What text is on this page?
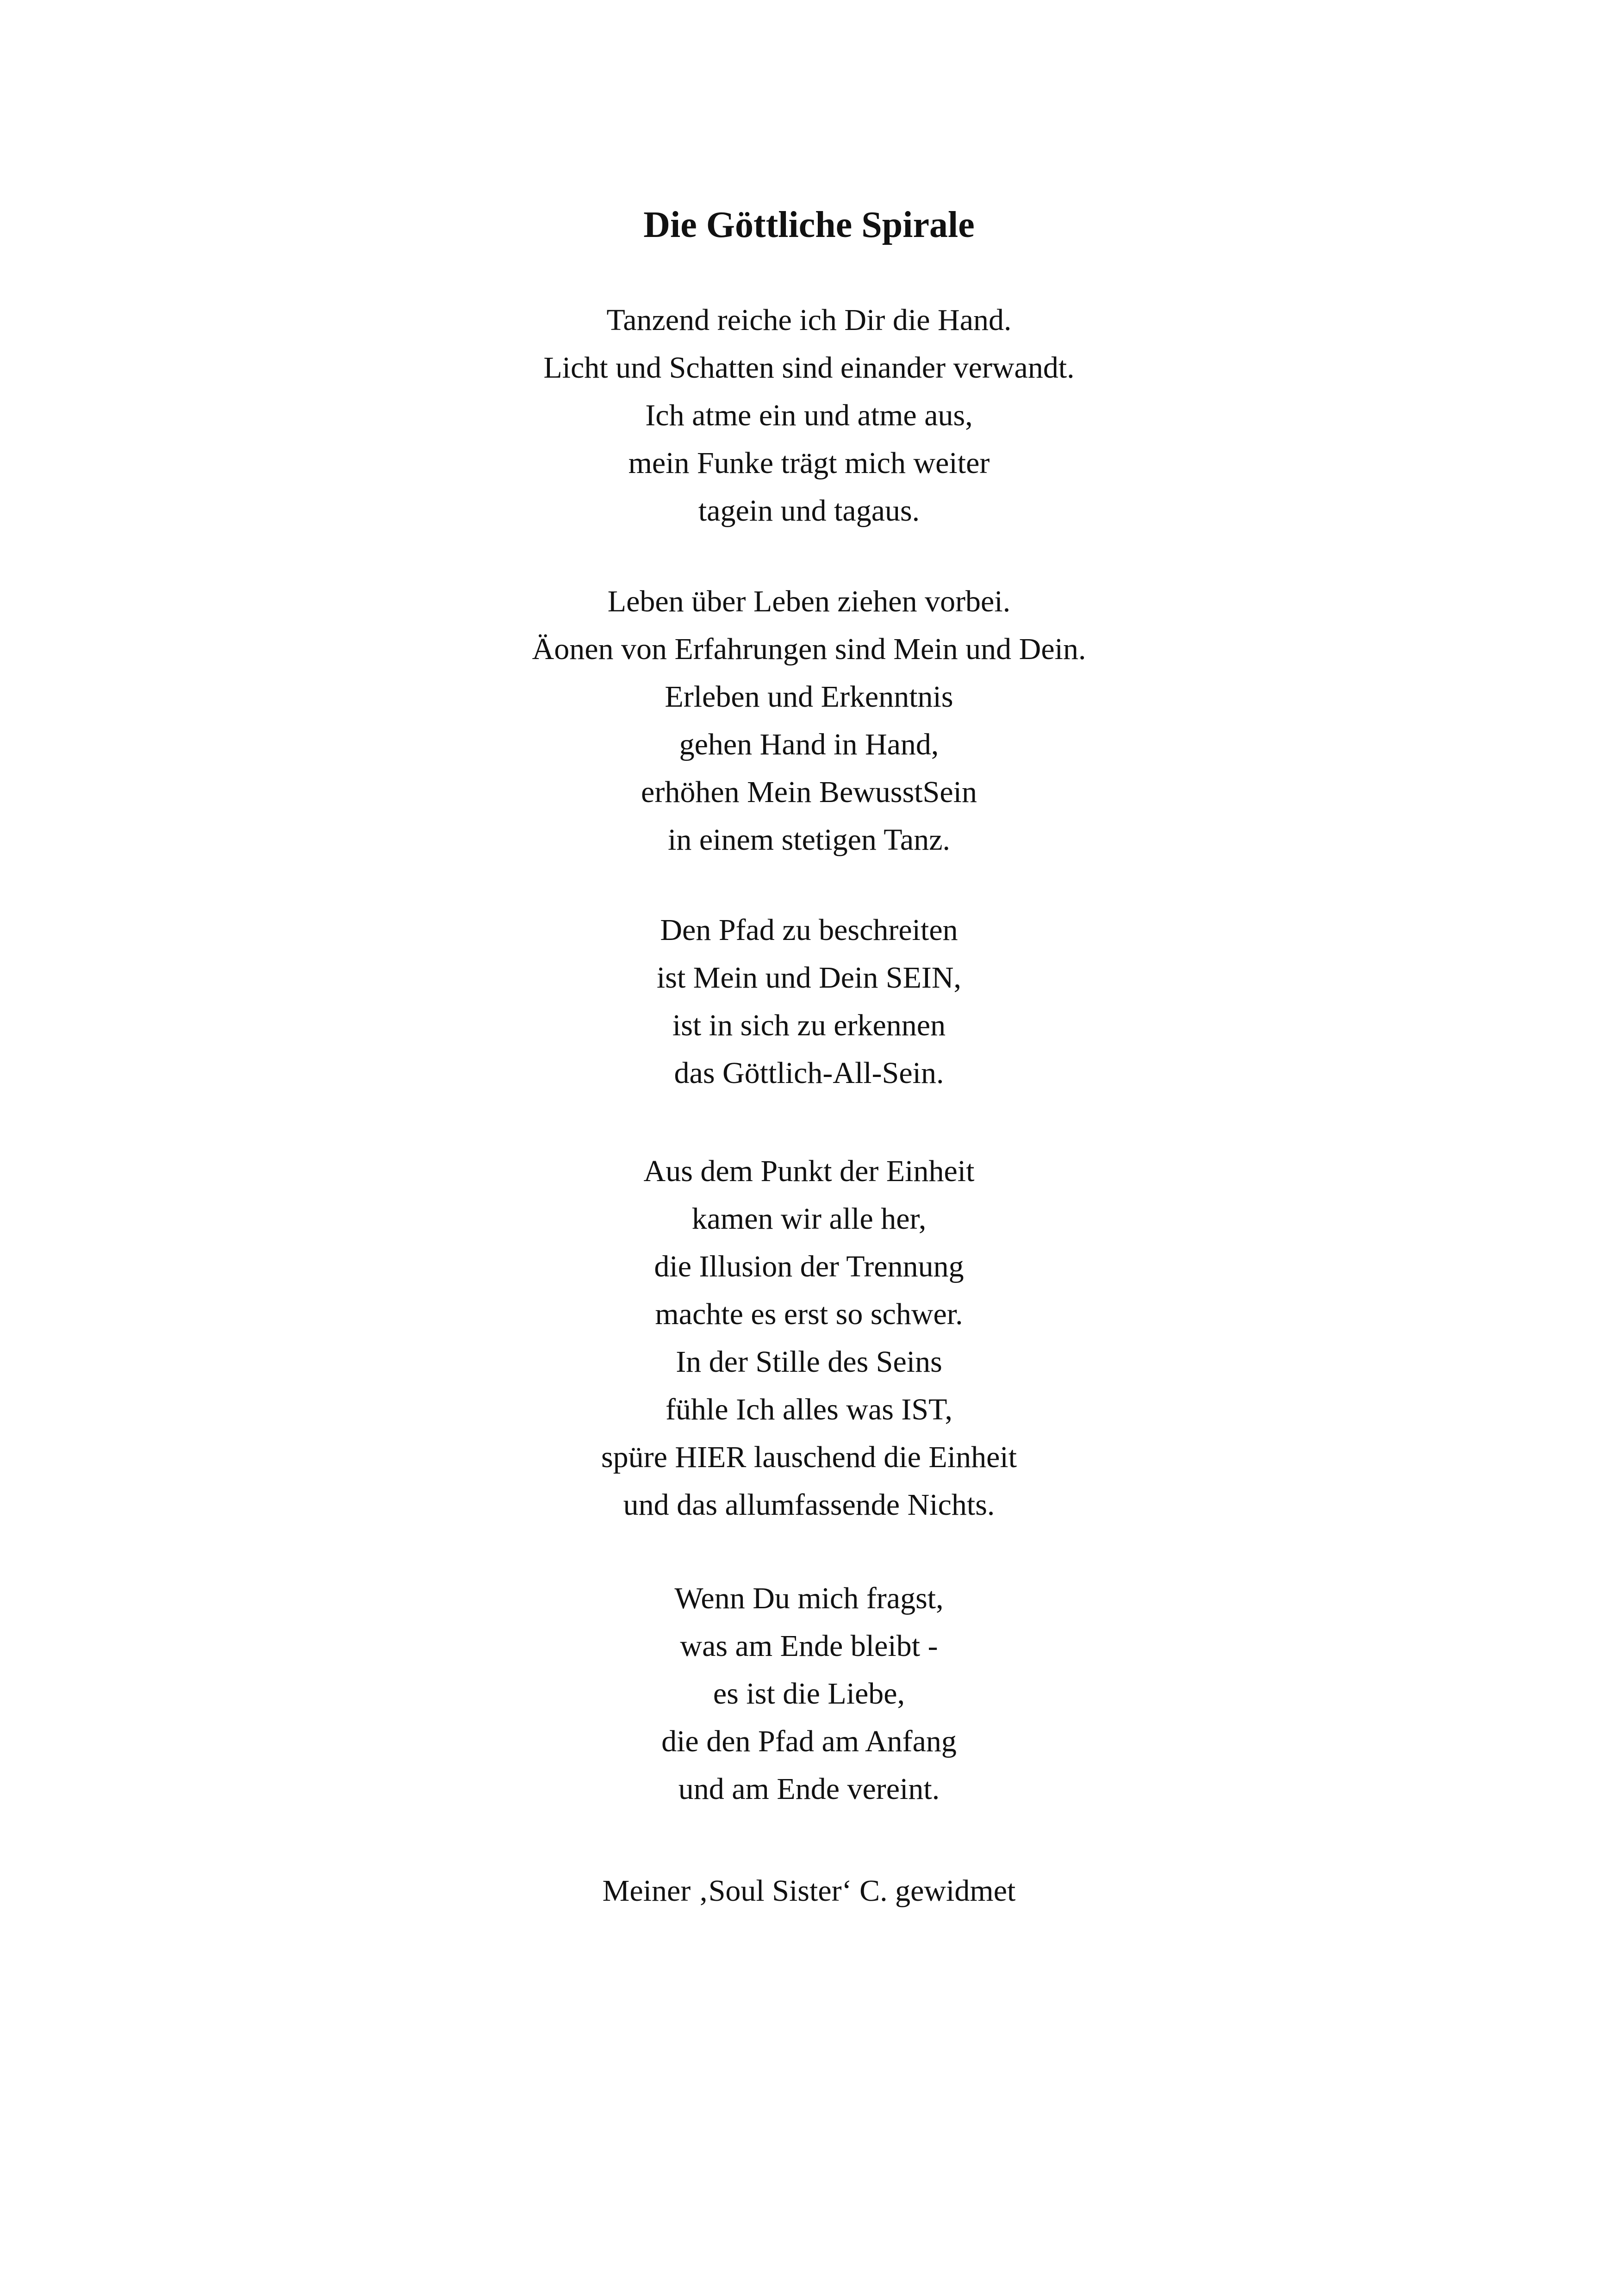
Die Göttliche Spirale
Tanzend reiche ich Dir die Hand.
Licht und Schatten sind einander verwandt.
Ich atme ein und atme aus,
mein Funke trägt mich weiter
tagein und tagaus.
Leben über Leben ziehen vorbei.
Äonen von Erfahrungen sind Mein und Dein.
Erleben und Erkenntnis
gehen Hand in Hand,
erhöhen Mein BewusstSein
in einem stetigen Tanz.
Den Pfad zu beschreiten
ist Mein und Dein SEIN,
ist in sich zu erkennen
das Göttlich-All-Sein.
Aus dem Punkt der Einheit
kamen wir alle her,
die Illusion der Trennung
machte es erst so schwer.
In der Stille des Seins
fühle Ich alles was IST,
spüre HIER lauschend die Einheit
und das allumfassende Nichts.
Wenn Du mich fragst,
was am Ende bleibt -
es ist die Liebe,
die den Pfad am Anfang
und am Ende vereint.
Meiner ‚Soul Sister‘ C. gewidmet
